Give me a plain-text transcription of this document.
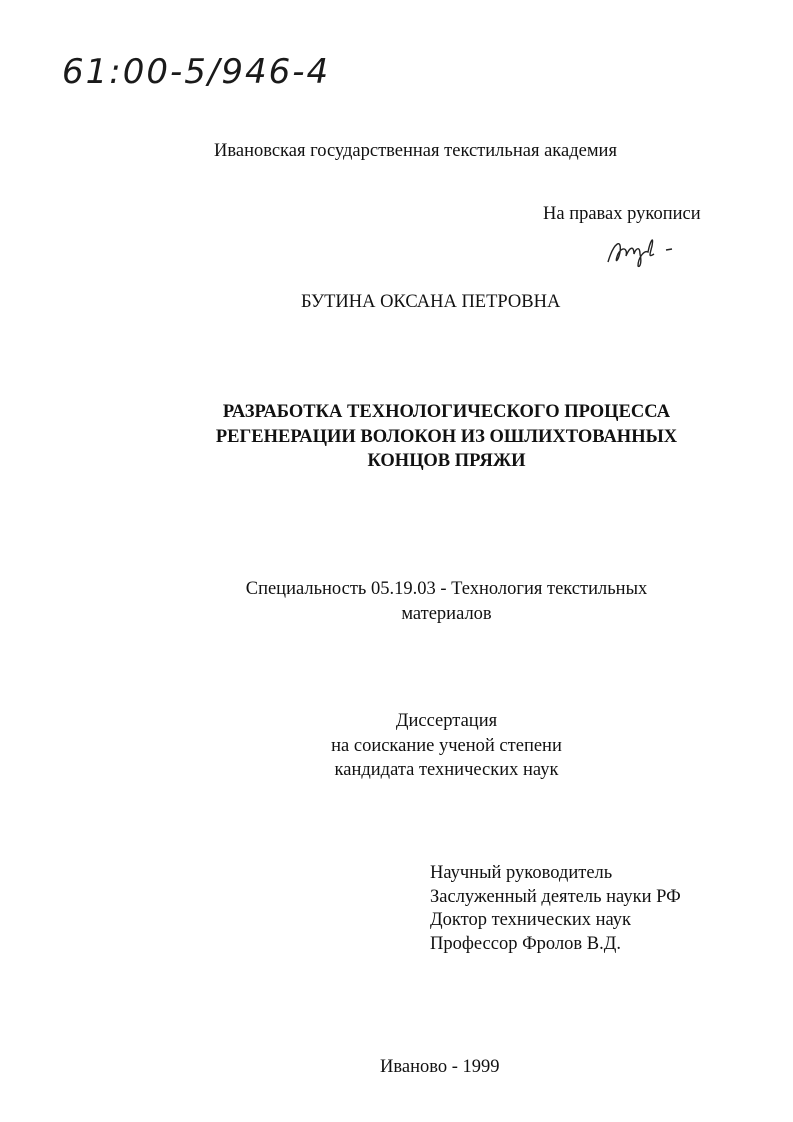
61:00-5/946-4
Ивановская государственная текстильная академия
На правах рукописи
БУТИНА ОКСАНА ПЕТРОВНА
РАЗРАБОТКА ТЕХНОЛОГИЧЕСКОГО ПРОЦЕССА
РЕГЕНЕРАЦИИ ВОЛОКОН ИЗ ОШЛИХТОВАННЫХ
КОНЦОВ ПРЯЖИ
Специальность 05.19.03 - Технология текстильных
материалов
Диссертация
на соискание ученой степени
кандидата технических наук
Научный руководитель
Заслуженный деятель науки РФ
Доктор технических наук
Профессор Фролов В.Д.
Иваново - 1999
